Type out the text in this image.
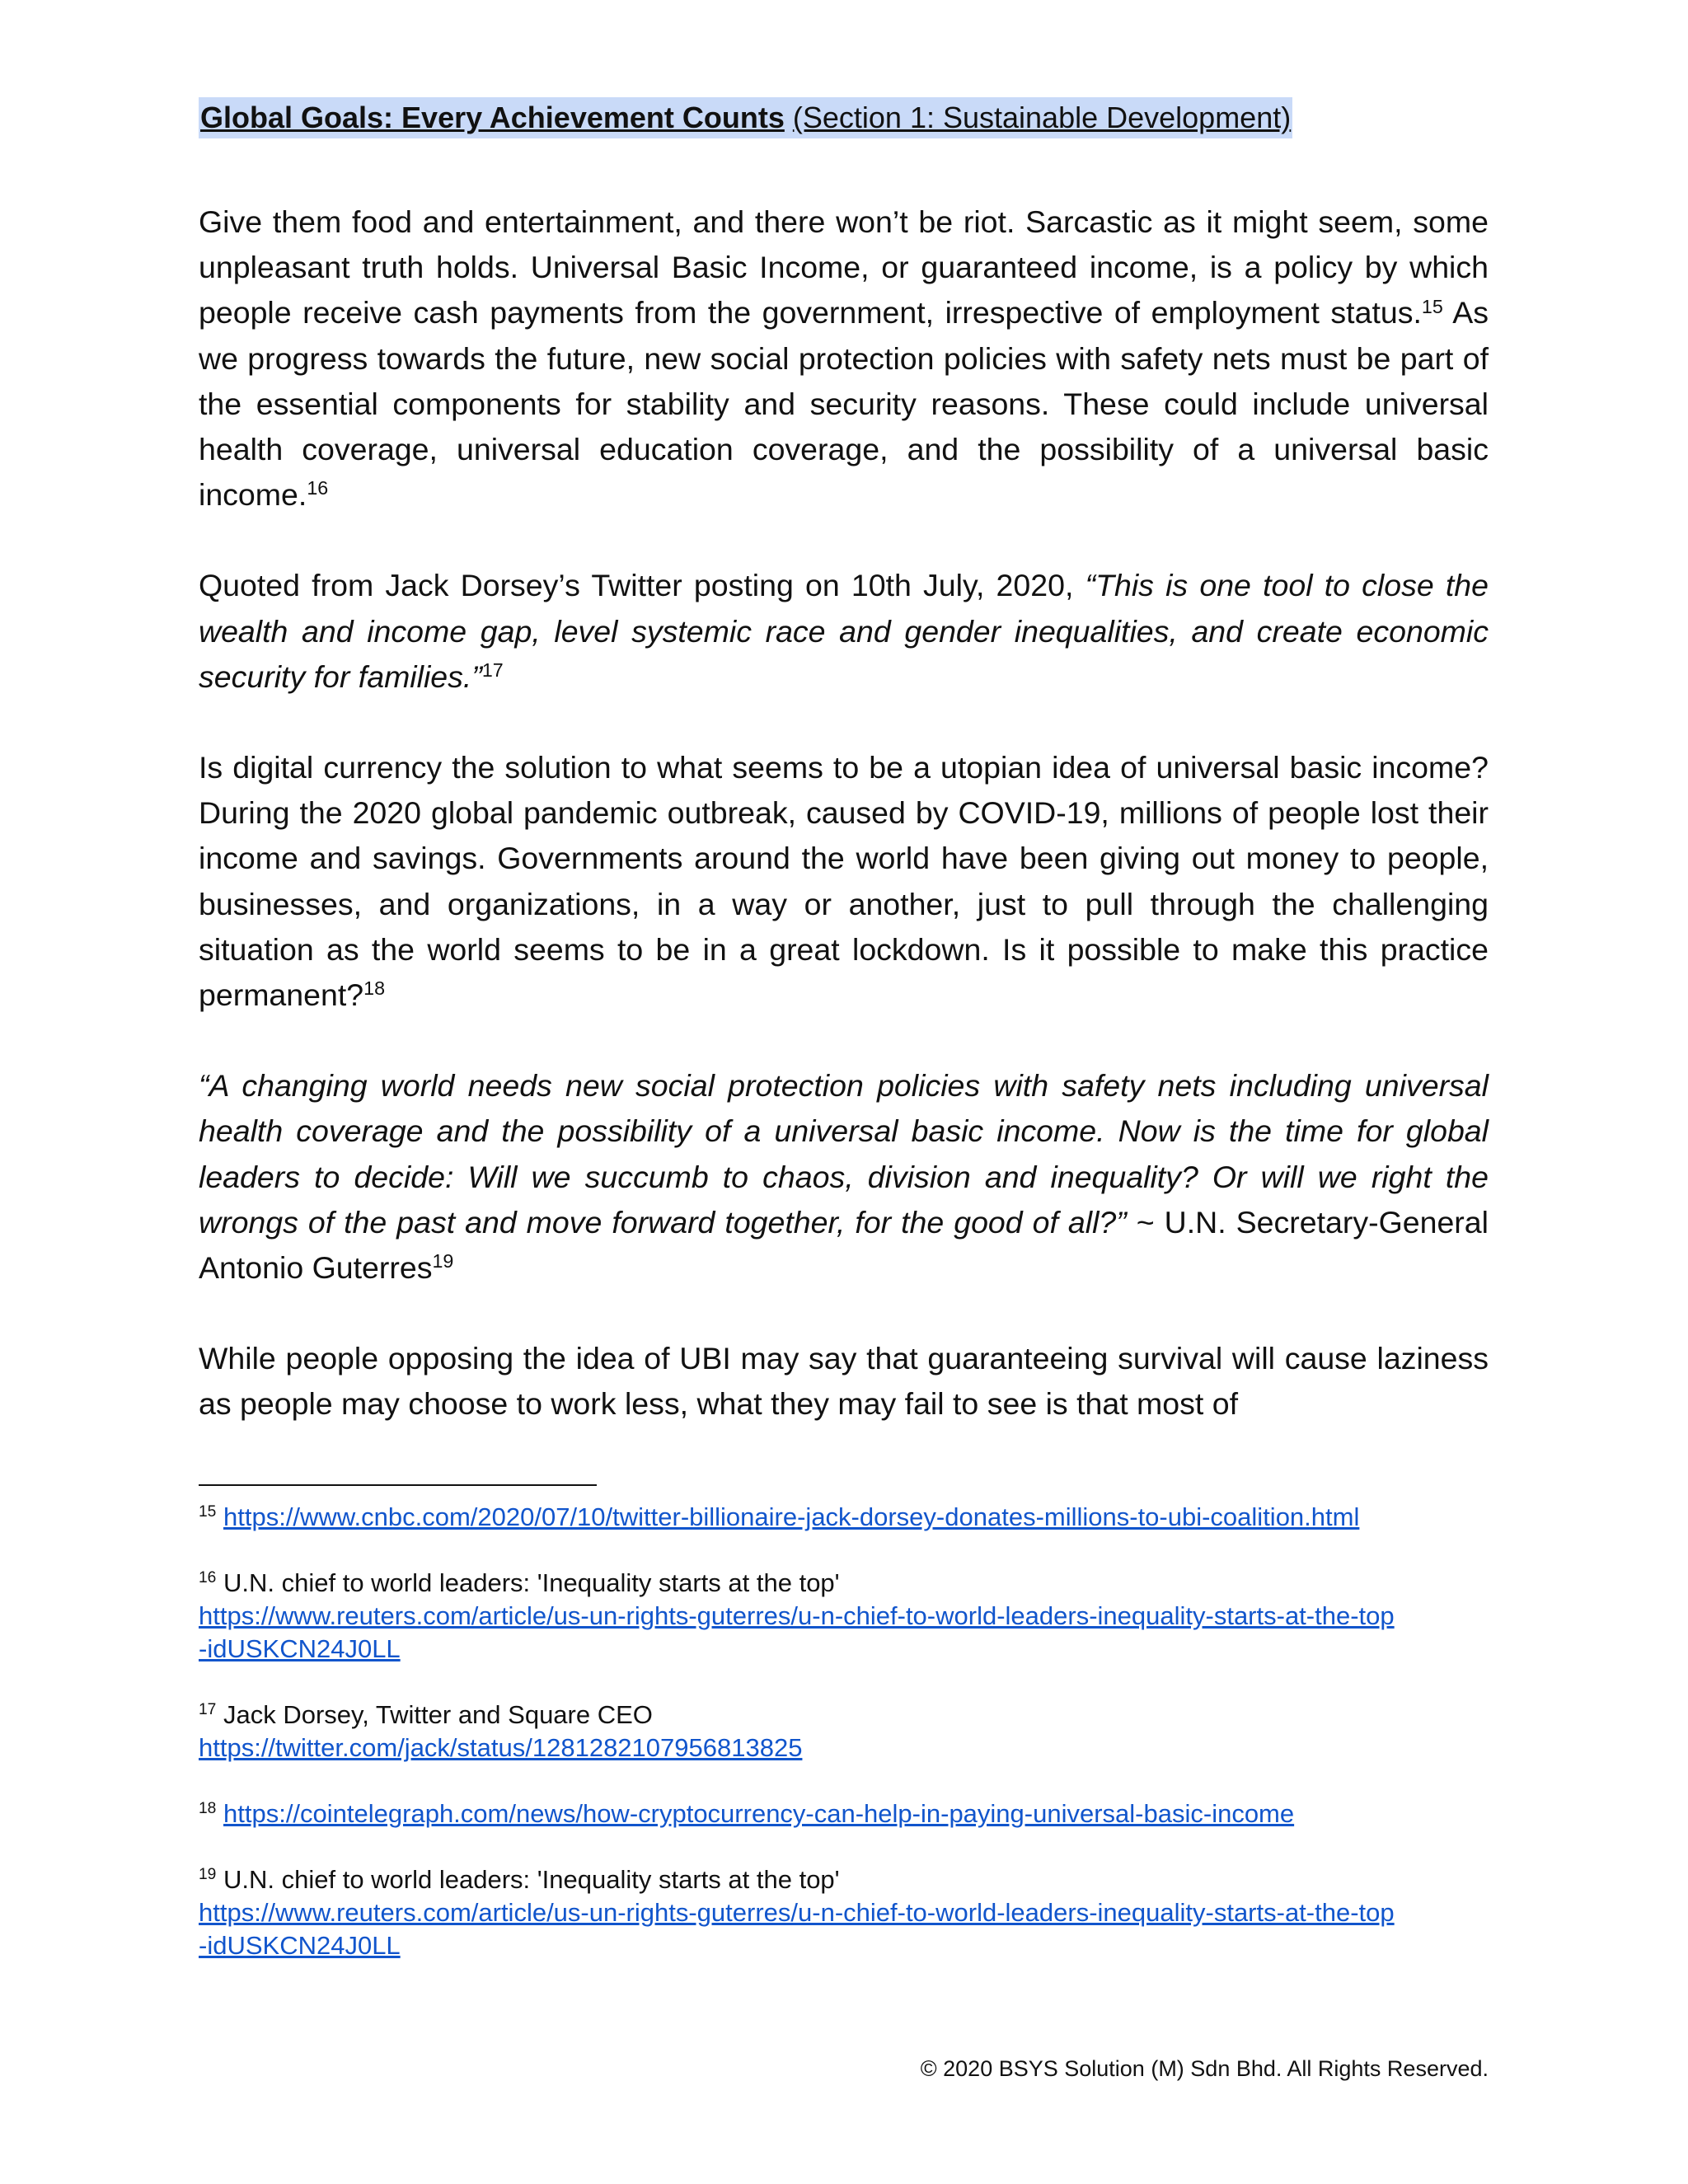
Global Goals: Every Achievement Counts (Section 1: Sustainable Development)

Give them food and entertainment, and there won’t be riot. Sarcastic as it might seem, some unpleasant truth holds. Universal Basic Income, or guaranteed income, is a policy by which people receive cash payments from the government, irrespective of employment status.$^{15}$ As we progress towards the future, new social protection policies with safety nets must be part of the essential components for stability and security reasons. These could include universal health coverage, universal education coverage, and the possibility of a universal basic income.$^{16}$

Quoted from Jack Dorsey’s Twitter posting on 10th July, 2020, “This is one tool to close the wealth and income gap, level systemic race and gender inequalities, and create economic security for families.”$^{17}$

Is digital currency the solution to what seems to be a utopian idea of universal basic income? During the 2020 global pandemic outbreak, caused by COVID-19, millions of people lost their income and savings. Governments around the world have been giving out money to people, businesses, and organizations, in a way or another, just to pull through the challenging situation as the world seems to be in a great lockdown. Is it possible to make this practice permanent?$^{18}$

“A changing world needs new social protection policies with safety nets including universal health coverage and the possibility of a universal basic income. Now is the time for global leaders to decide: Will we succumb to chaos, division and inequality? Or will we right the wrongs of the past and move forward together, for the good of all?” ~ U.N. Secretary-General Antonio Guterres$^{19}$

While people opposing the idea of UBI may say that guaranteeing survival will cause laziness as people may choose to work less, what they may fail to see is that most of

$^{15}$ https://www.cnbc.com/2020/07/10/twitter-billionaire-jack-dorsey-donates-millions-to-ubi-coalition.html

$^{16}$ U.N. chief to world leaders: 'Inequality starts at the top'
https://www.reuters.com/article/us-un-rights-guterres/u-n-chief-to-world-leaders-inequality-starts-at-the-top
-idUSKCN24J0LL

$^{17}$ Jack Dorsey, Twitter and Square CEO
https://twitter.com/jack/status/1281282107956813825

$^{18}$ https://cointelegraph.com/news/how-cryptocurrency-can-help-in-paying-universal-basic-income

$^{19}$ U.N. chief to world leaders: 'Inequality starts at the top'
https://www.reuters.com/article/us-un-rights-guterres/u-n-chief-to-world-leaders-inequality-starts-at-the-top
-idUSKCN24J0LL

© 2020 BSYS Solution (M) Sdn Bhd. All Rights Reserved.
